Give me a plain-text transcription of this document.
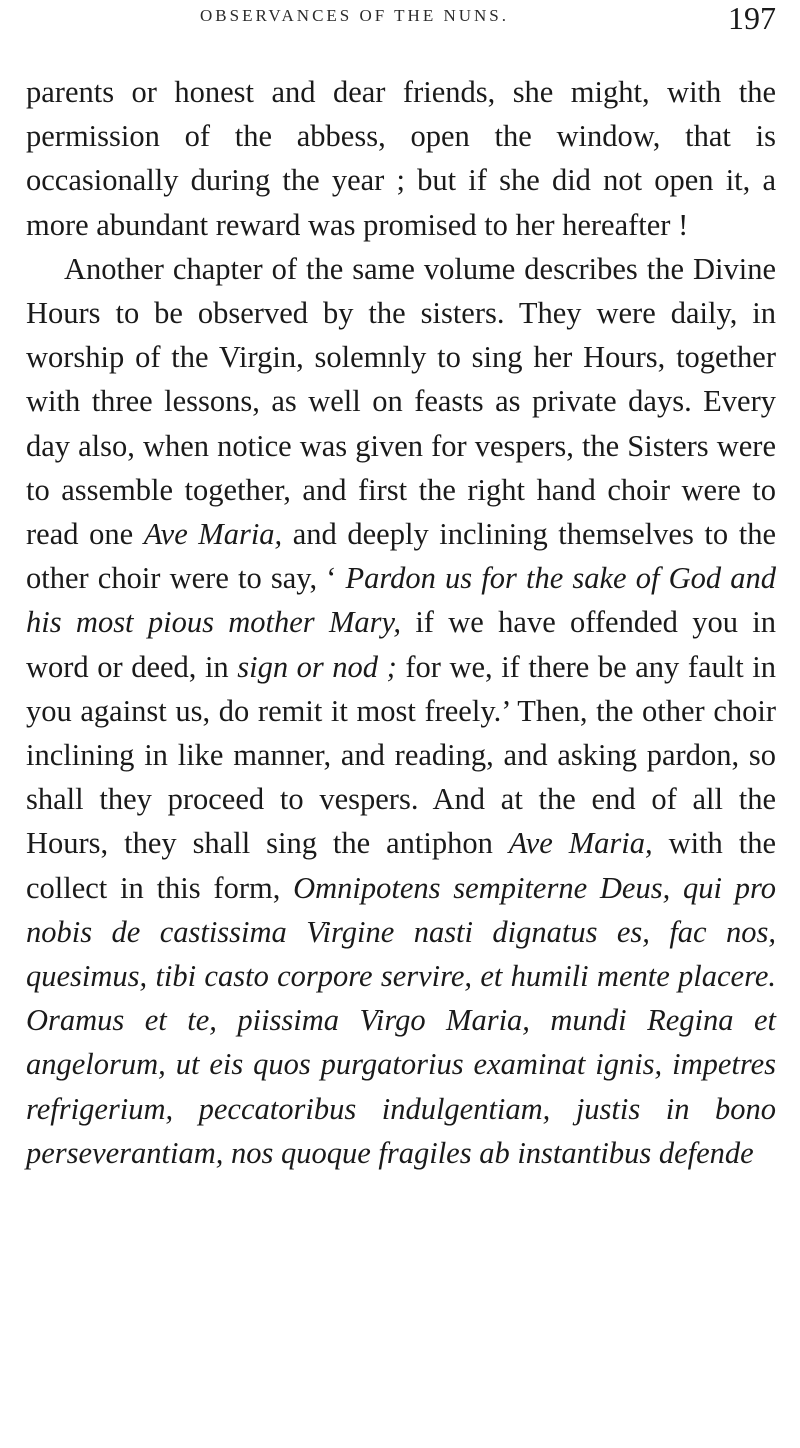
OBSERVANCES OF THE NUNS.	197

parents or honest and dear friends, she might, with the permission of the abbess, open the window, that is occasionally during the year ; but if she did not open it, a more abundant reward was promised to her hereafter !

Another chapter of the same volume describes the Divine Hours to be observed by the sisters. They were daily, in worship of the Virgin, solemnly to sing her Hours, together with three lessons, as well on feasts as private days. Every day also, when notice was given for vespers, the Sisters were to assemble together, and first the right hand choir were to read one Ave Maria, and deeply inclining themselves to the other choir were to say, ‘ Pardon us for the sake of God and his most pious mother Mary, if we have offended you in word or deed, in sign or nod ; for we, if there be any fault in you against us, do remit it most freely.’ Then, the other choir inclining in like manner, and reading, and asking pardon, so shall they proceed to vespers. And at the end of all the Hours, they shall sing the antiphon Ave Maria, with the collect in this form, Omnipotens sempiterne Deus, qui pro nobis de castissima Virgine nasti dignatus es, fac nos, quesimus, tibi casto corpore servire, et humili mente placere. Oramus et te, piissima Virgo Maria, mundi Regina et angelorum, ut eis quos purgatorius examinat ignis, impetres refrigerium, peccatoribus indulgentiam, justis in bono perseverantiam, nos quoque fragiles ab instantibus defende
